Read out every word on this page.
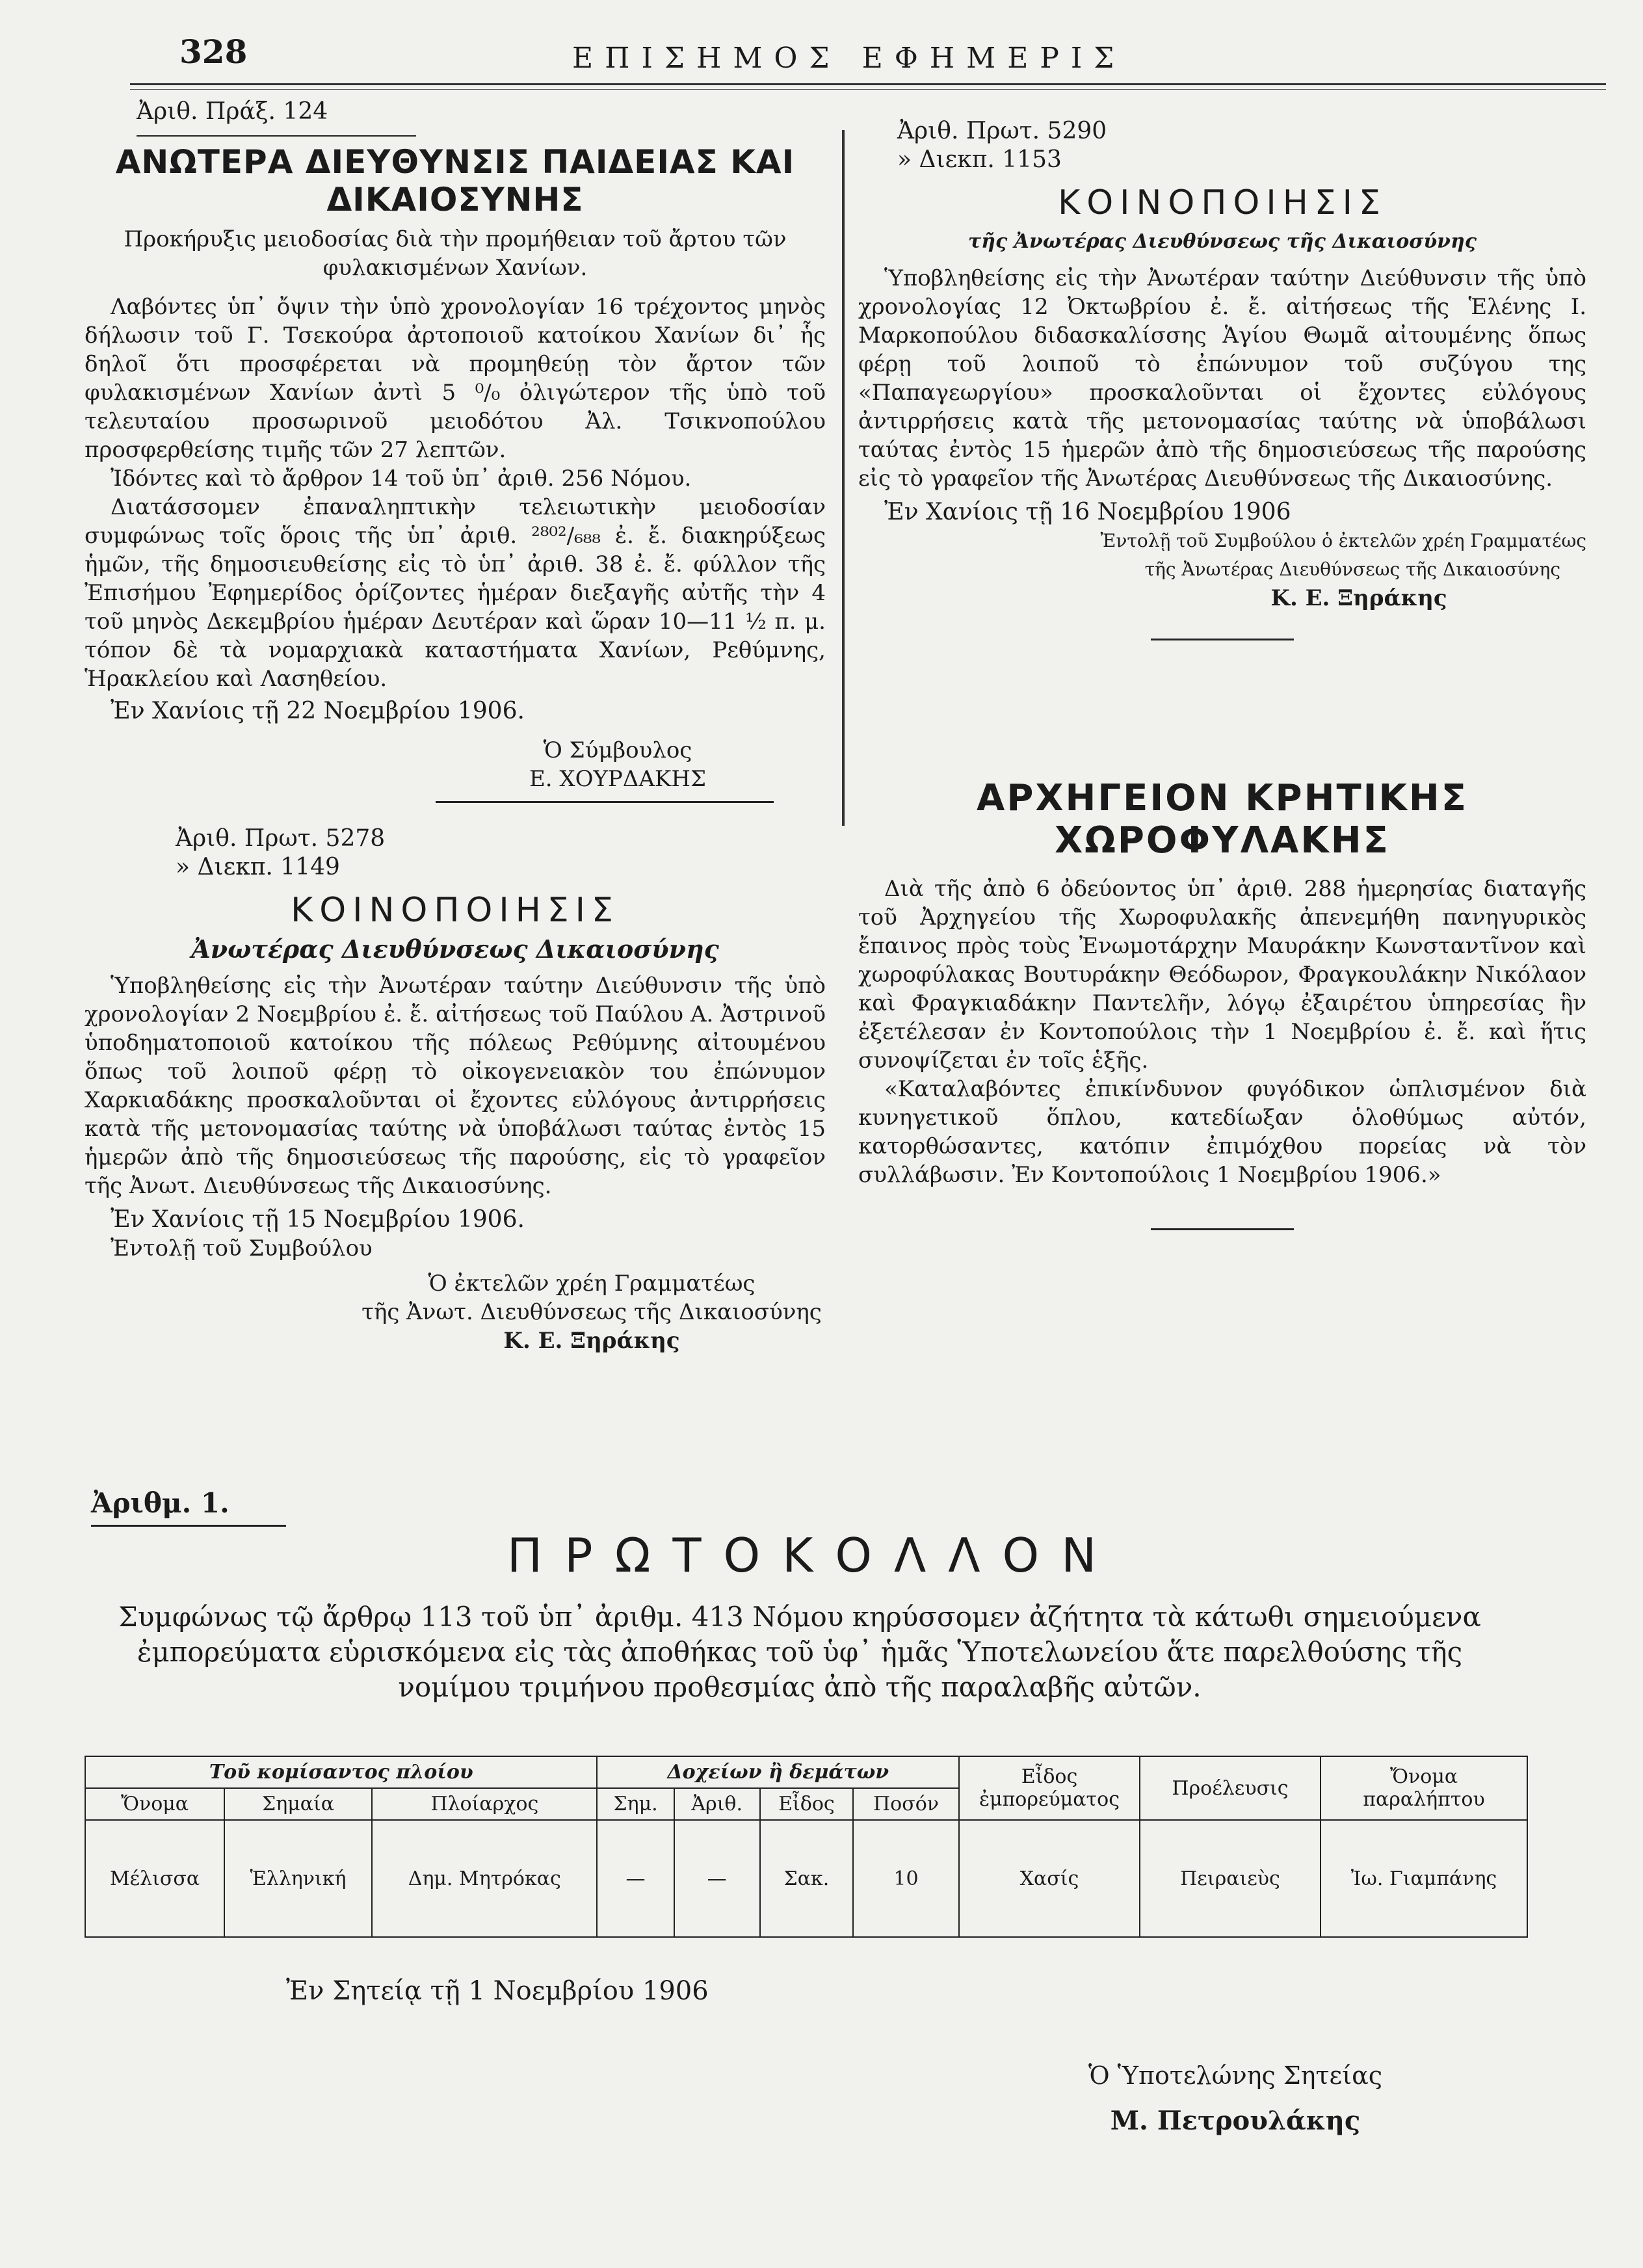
328	ΕΠΙΣΗΜΟΣ ΕΦΗΜΕΡΙΣ
Ἀριθ. Πράξ. 124
ΑΝΩΤΕΡΑ ΔΙΕΥΘΥΝΣΙΣ ΠΑΙΔΕΙΑΣ ΚΑΙ ΔΙΚΑΙΟΣΥΝΗΣ
Προκήρυξις μειοδοσίας διὰ τὴν προμήθειαν τοῦ ἄρτου τῶν φυλακισμένων Χανίων.
Λαβόντες ὑπ᾽ ὄψιν τὴν ὑπὸ χρονολογίαν 16 τρέχοντος μηνὸς δήλωσιν τοῦ Γ. Τσεκούρα ἀρτοποιοῦ κατοίκου Χανίων δι᾽ ἧς δηλοῖ ὅτι προσφέρεται νὰ προμηθεύῃ τὸν ἄρτον τῶν φυλακισμένων Χανίων ἀντὶ 5 ⁰/₀ ὀλιγώτερον τῆς ὑπὸ τοῦ τελευταίου προσωρινοῦ μειοδότου Ἀλ. Τσικνοπούλου προσφερθείσης τιμῆς τῶν 27 λεπτῶν.
Ἰδόντες καὶ τὸ ἄρθρον 14 τοῦ ὑπ᾽ ἀριθ. 256 Νόμου.
Διατάσσομεν ἐπαναληπτικὴν τελειωτικὴν μειοδοσίαν συμφώνως τοῖς ὅροις τῆς ὑπ᾽ ἀριθ. ²⁸⁰²/₆₈₈ ἐ. ἔ. διακηρύξεως ἡμῶν, τῆς δημοσιευθείσης εἰς τὸ ὑπ᾽ ἀριθ. 38 ἐ. ἔ. φύλλον τῆς Ἐπισήμου Ἐφημερίδος ὁρίζοντες ἡμέραν διεξαγῆς αὐτῆς τὴν 4 τοῦ μηνὸς Δεκεμβρίου ἡμέραν Δευτέραν καὶ ὥραν 10—11 ½ π. μ. τόπον δὲ τὰ νομαρχιακὰ καταστήματα Χανίων, Ρεθύμνης, Ἡρακλείου καὶ Λασηθείου.
Ἐν Χανίοις τῇ 22 Νοεμβρίου 1906.
Ὁ Σύμβουλος
Ε. ΧΟΥΡΔΑΚΗΣ
Ἀριθ. Πρωτ. 5278
» Διεκπ. 1149
ΚΟΙΝΟΠΟΙΗΣΙΣ
Ἀνωτέρας Διευθύνσεως Δικαιοσύνης
Ὑποβληθείσης εἰς τὴν Ἀνωτέραν ταύτην Διεύθυνσιν τῆς ὑπὸ χρονολογίαν 2 Νοεμβρίου ἐ. ἔ. αἰτήσεως τοῦ Παύλου Α. Ἀστρινοῦ ὑποδηματοποιοῦ κατοίκου τῆς πόλεως Ρεθύμνης αἰτουμένου ὅπως τοῦ λοιποῦ φέρῃ τὸ οἰκογενειακὸν του ἐπώνυμον Χαρκιαδάκης προσκαλοῦνται οἱ ἔχοντες εὐλόγους ἀντιρρήσεις κατὰ τῆς μετονομασίας ταύτης νὰ ὑποβάλωσι ταύτας ἐντὸς 15 ἡμερῶν ἀπὸ τῆς δημοσιεύσεως τῆς παρούσης, εἰς τὸ γραφεῖον τῆς Ἀνωτ. Διευθύνσεως τῆς Δικαιοσύνης.
Ἐν Χανίοις τῇ 15 Νοεμβρίου 1906.
Ἐντολῇ τοῦ Συμβούλου
Ὁ ἐκτελῶν χρέη Γραμματέως
τῆς Ἀνωτ. Διευθύνσεως τῆς Δικαιοσύνης
Κ. Ε. Ξηράκης
Ἀριθ. Πρωτ. 5290
» Διεκπ. 1153
ΚΟΙΝΟΠΟΙΗΣΙΣ
τῆς Ἀνωτέρας Διευθύνσεως τῆς Δικαιοσύνης
Ὑποβληθείσης εἰς τὴν Ἀνωτέραν ταύτην Διεύθυνσιν τῆς ὑπὸ χρονολογίας 12 Ὀκτωβρίου ἐ. ἔ. αἰτήσεως τῆς Ἑλένης Ι. Μαρκοπούλου διδασκαλίσσης Ἁγίου Θωμᾶ αἰτουμένης ὅπως φέρῃ τοῦ λοιποῦ τὸ ἐπώνυμον τοῦ συζύγου της «Παπαγεωργίου» προσκαλοῦνται οἱ ἔχοντες εὐλόγους ἀντιρρήσεις κατὰ τῆς μετονομασίας ταύτης νὰ ὑποβάλωσι ταύτας ἐντὸς 15 ἡμερῶν ἀπὸ τῆς δημοσιεύσεως τῆς παρούσης εἰς τὸ γραφεῖον τῆς Ἀνωτέρας Διευθύνσεως τῆς Δικαιοσύνης.
Ἐν Χανίοις τῇ 16 Νοεμβρίου 1906
Ἐντολῇ τοῦ Συμβούλου ὁ ἐκτελῶν χρέη Γραμματέως
τῆς Ἀνωτέρας Διευθύνσεως τῆς Δικαιοσύνης
Κ. Ε. Ξηράκης
ΑΡΧΗΓΕΙΟΝ ΚΡΗΤΙΚΗΣ ΧΩΡΟΦΥΛΑΚΗΣ
Διὰ τῆς ἀπὸ 6 ὀδεύοντος ὑπ᾽ ἀριθ. 288 ἡμερησίας διαταγῆς τοῦ Ἀρχηγείου τῆς Χωροφυλακῆς ἀπενεμήθη πανηγυρικὸς ἔπαινος πρὸς τοὺς Ἐνωμοτάρχην Μαυράκην Κωνσταντῖνον καὶ χωροφύλακας Βουτυράκην Θεόδωρον, Φραγκουλάκην Νικόλαον καὶ Φραγκιαδάκην Παντελῆν, λόγῳ ἐξαιρέτου ὑπηρεσίας ἣν ἐξετέλεσαν ἐν Κοντοπούλοις τὴν 1 Νοεμβρίου ἐ. ἔ. καὶ ἥτις συνοψίζεται ἐν τοῖς ἑξῆς.
«Καταλαβόντες ἐπικίνδυνον φυγόδικον ὡπλισμένον διὰ κυνηγετικοῦ ὅπλου, κατεδίωξαν ὁλοθύμως αὐτόν, κατορθώσαντες, κατόπιν ἐπιμόχθου πορείας νὰ τὸν συλλάβωσιν. Ἐν Κοντοπούλοις 1 Νοεμβρίου 1906.»
Ἀριθμ. 1.
ΠΡΩΤΟΚΟΛΛΟΝ
Συμφώνως τῷ ἄρθρῳ 113 τοῦ ὑπ᾽ ἀριθμ. 413 Νόμου κηρύσσομεν ἀζήτητα τὰ κάτωθι σημειούμενα ἐμπορεύματα εὑρισκόμενα εἰς τὰς ἀποθήκας τοῦ ὑφ᾽ ἡμᾶς Ὑποτελωνείου ἅτε παρελθούσης τῆς νομίμου τριμήνου προθεσμίας ἀπὸ τῆς παραλαβῆς αὐτῶν.
Τοῦ κομίσαντος πλοίου			Δοχείων ἢ δεμάτων				Εἶδος ἐμπορεύματος	Προέλευσις	Ὄνομα παραλήπτου
Ὄνομα	Σημαία	Πλοίαρχος	Σημ.	Ἀριθ.	Εἶδος	Ποσόν			
Μέλισσα	Ἑλληνική	Δημ. Μητρόκας	—	—	Σακ.	10	Χασίς	Πειραιεὺς	Ἰω. Γιαμπάνης
Ἐν Σητείᾳ τῇ 1 Νοεμβρίου 1906
Ὁ Ὑποτελώνης Σητείας
Μ. Πετρουλάκης
